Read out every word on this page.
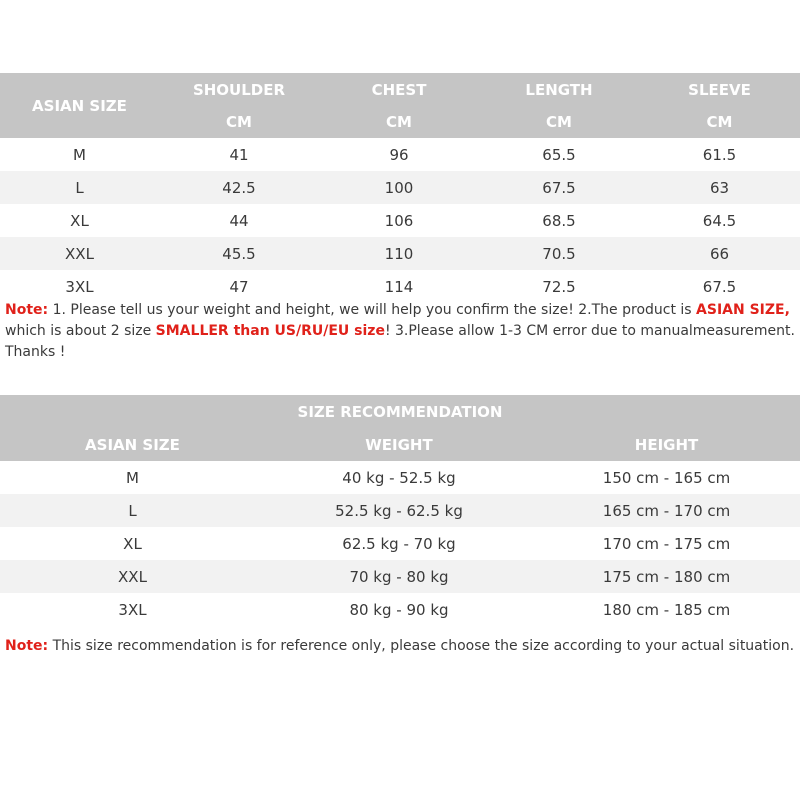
ASIAN SIZE	SHOULDER	CHEST	LENGTH	SLEEVE
	CM	CM	CM	CM
M	41	96	65.5	61.5
L	42.5	100	67.5	63
XL	44	106	68.5	64.5
XXL	45.5	110	70.5	66
3XL	47	114	72.5	67.5
Note: 1. Please tell us your weight and height, we will help you confirm the size! 2.The product is ASIAN SIZE, which is about 2 size SMALLER than US/RU/EU size! 3.Please allow 1-3 CM error due to manualmeasurement. Thanks !
SIZE RECOMMENDATION		
ASIAN SIZE	WEIGHT	HEIGHT
M	40 kg - 52.5 kg	150 cm - 165 cm
L	52.5 kg - 62.5 kg	165 cm - 170 cm
XL	62.5 kg - 70 kg	170 cm - 175 cm
XXL	70 kg - 80 kg	175 cm - 180 cm
3XL	80 kg - 90 kg	180 cm - 185 cm
Note: This size recommendation is for reference only, please choose the size according to your actual situation.
